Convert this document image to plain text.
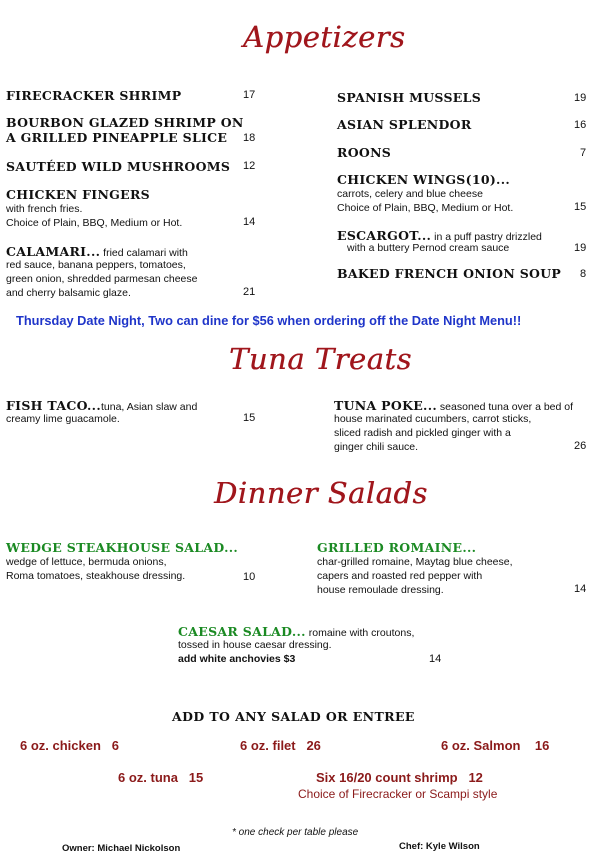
Appetizers
FIRECRACKER SHRIMP	17
BOURBON GLAZED SHRIMP ON
A GRILLED PINEAPPLE SLICE 18
SAUTÉED WILD MUSHROOMS 12
CHICKEN FINGERS
with french fries.
Choice of Plain, BBQ, Medium or Hot.	14
CALAMARI... fried calamari with
red sauce, banana peppers, tomatoes,
green onion, shredded parmesan cheese
and cherry balsamic glaze.	21
SPANISH MUSSELS	19
ASIAN SPLENDOR	16
ROONS	7
CHICKEN WINGS(10)...
carrots, celery and blue cheese
Choice of Plain, BBQ, Medium or Hot.	15
ESCARGOT... in a puff pastry drizzled
with a buttery Pernod cream sauce	19
BAKED FRENCH ONION SOUP 8
Thursday Date Night, Two can dine for $56 when ordering off the Date Night Menu!!
Tuna Treats
FISH TACO...tuna, Asian slaw and
creamy lime guacamole.	15
TUNA POKE... seasoned tuna over a bed of
house marinated cucumbers, carrot sticks,
sliced radish and pickled ginger with a
ginger chili sauce.	26
Dinner Salads
WEDGE STEAKHOUSE SALAD...
wedge of lettuce, bermuda onions,
Roma tomatoes, steakhouse dressing.	10
GRILLED ROMAINE...
char-grilled romaine, Maytag blue cheese,
capers and roasted red pepper with
house remoulade dressing.	14
CAESAR SALAD... romaine with croutons,
tossed in house caesar dressing.
add white anchovies $3	14
ADD TO ANY SALAD OR ENTREE
6 oz. chicken   6	6 oz. filet   26	6 oz. Salmon    16
6 oz. tuna   15	Six 16/20 count shrimp   12
Choice of Firecracker or Scampi style
* one check per table please
Owner: Michael Nickolson	Chef: Kyle Wilson
